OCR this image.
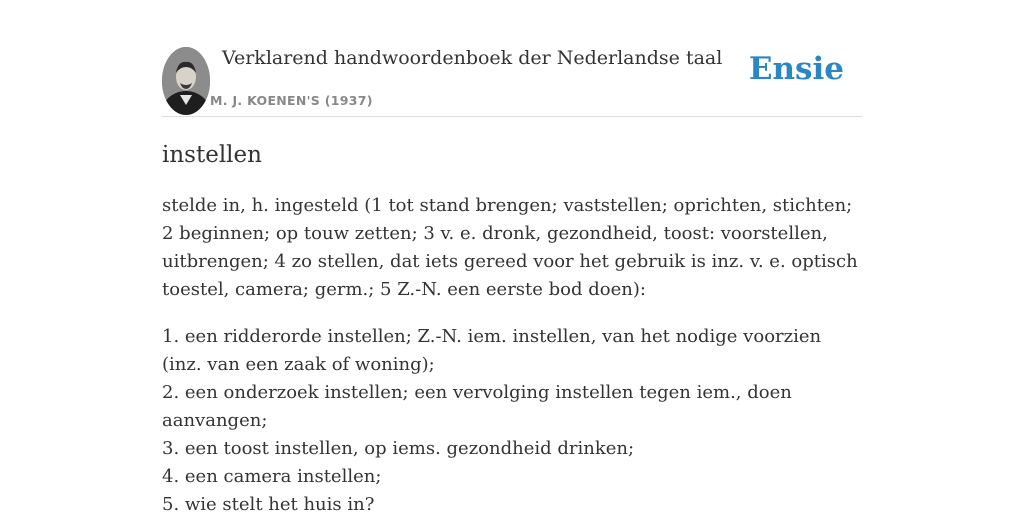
Verklarend handwoordenboek der Nederlandse taal
M. J. KOENEN'S (1937)
Ensie
instellen

stelde in, h. ingesteld (1 tot stand brengen; vaststellen; oprichten, stichten; 2 beginnen; op touw zetten; 3 v. e. dronk, gezondheid, toost: voorstellen, uitbrengen; 4 zo stellen, dat iets gereed voor het gebruik is inz. v. e. optisch toestel, camera; germ.; 5 Z.-N. een eerste bod doen):

1. een ridderorde instellen; Z.-N. iem. instellen, van het nodige voorzien (inz. van een zaak of woning);
2. een onderzoek instellen; een vervolging instellen tegen iem., doen aanvangen;
3. een toost instellen, op iems. gezondheid drinken;
4. een camera instellen;
5. wie stelt het huis in?
